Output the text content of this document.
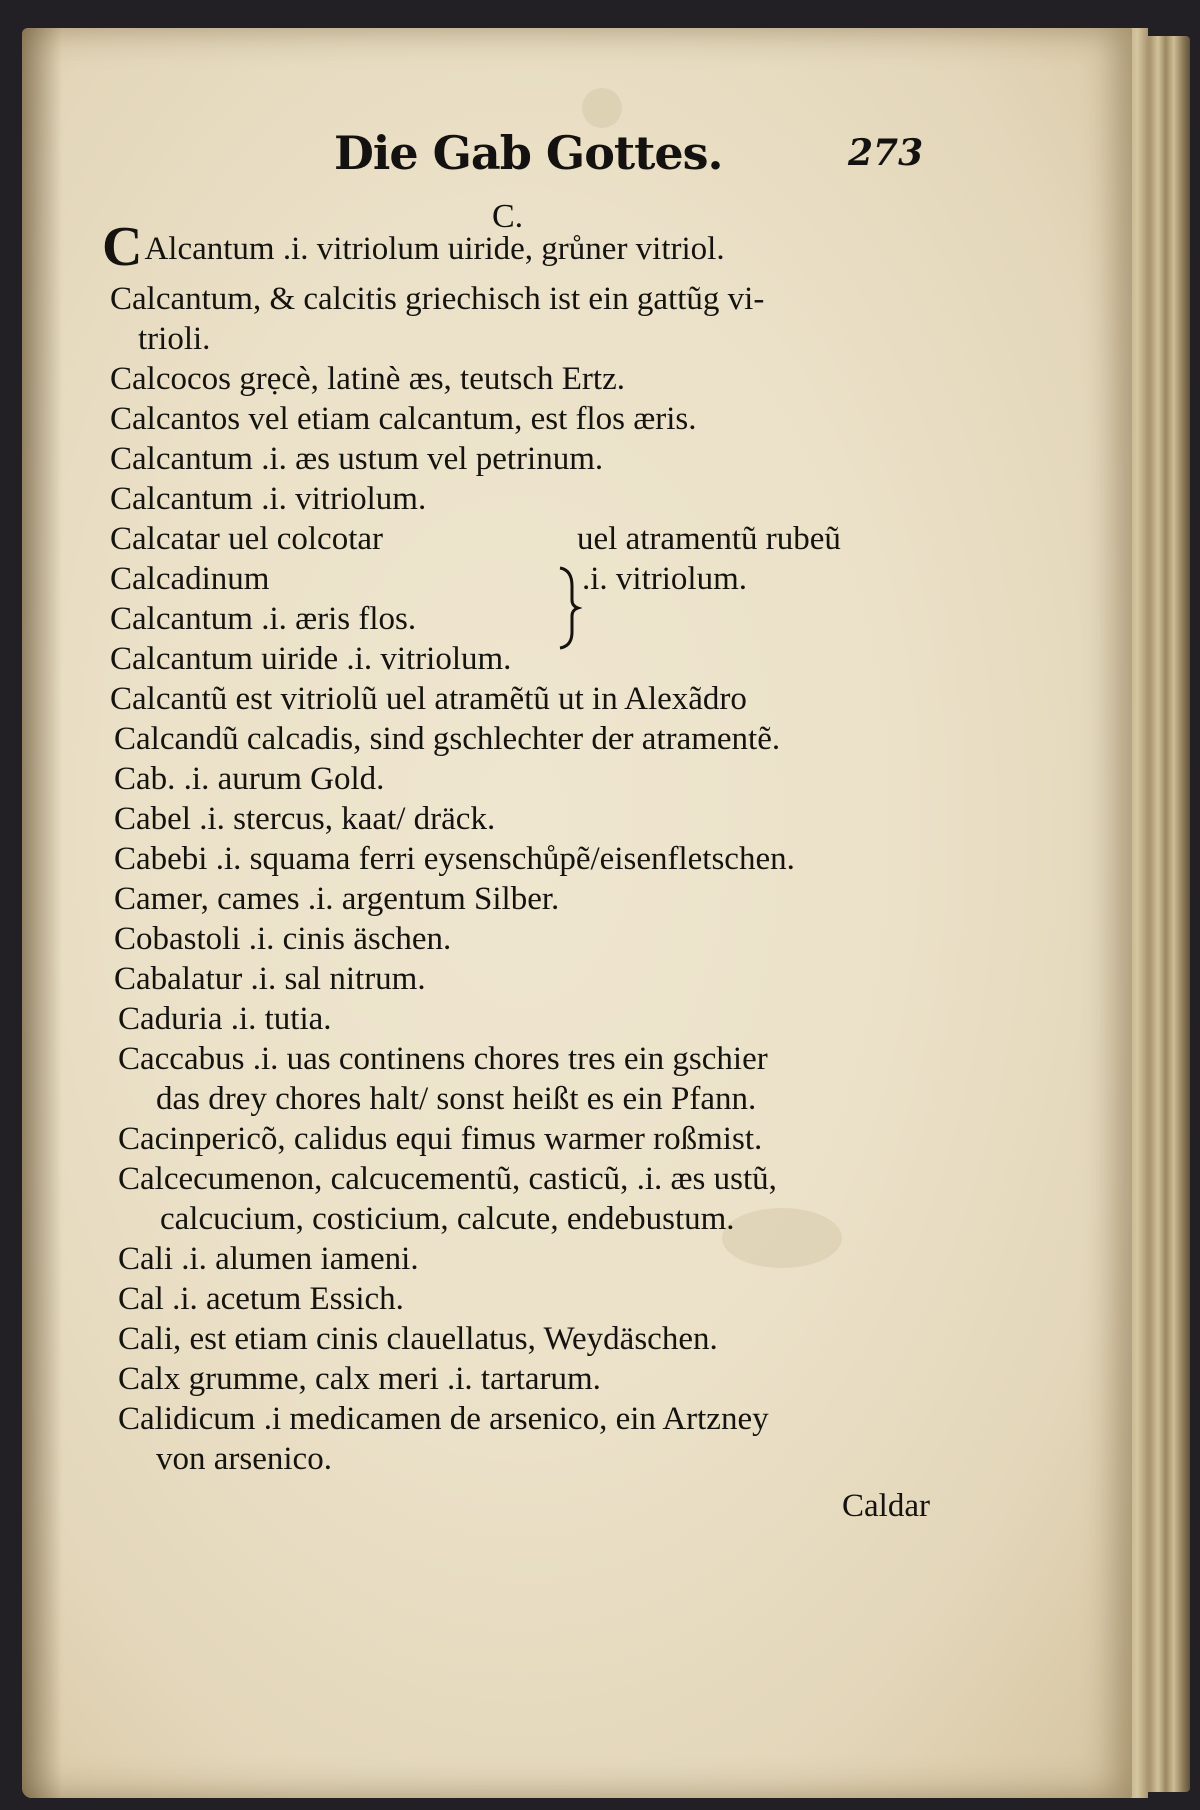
Die Gab Gottes.	273
C.
CAlcantum .i. vitriolum uiride, grůner vitriol.
Calcantum, & calcitis griechisch ist ein gattũg vi-
trioli.
Calcocos grẹcè, latinè æs, teutsch Ertz.
Calcantos vel etiam calcantum, est flos æris.
Calcantum .i. æs ustum vel petrinum.
Calcantum .i. vitriolum.
Calcatar uel colcotar	uel atramentũ rubeũ
Calcadinum	.i. vitriolum.
Calcantum .i. æris flos.
Calcantum uiride .i. vitriolum.
Calcantũ est vitriolũ uel atramẽtũ ut in Alexãdro
Calcandũ calcadis, sind gschlechter der atramentẽ.
Cab. .i. aurum Gold.
Cabel .i. stercus, kaat/ dräck.
Cabebi .i. squama ferri eysenschůpẽ/eisenfletschen.
Camer, cames .i. argentum Silber.
Cobastoli .i. cinis äschen.
Cabalatur .i. sal nitrum.
Caduria .i. tutia.
Caccabus .i. uas continens chores tres ein gschier
das drey chores halt/ sonst heißt es ein Pfann.
Cacinpericõ, calidus equi fimus warmer roßmist.
Calcecumenon, calcucementũ, casticũ, .i. æs ustũ,
calcucium, costicium, calcute, endebustum.
Cali .i. alumen iameni.
Cal .i. acetum Essich.
Cali, est etiam cinis clauellatus, Weydäschen.
Calx grumme, calx meri .i. tartarum.
Calidicum .i medicamen de arsenico, ein Artzney
von arsenico.
Caldar
